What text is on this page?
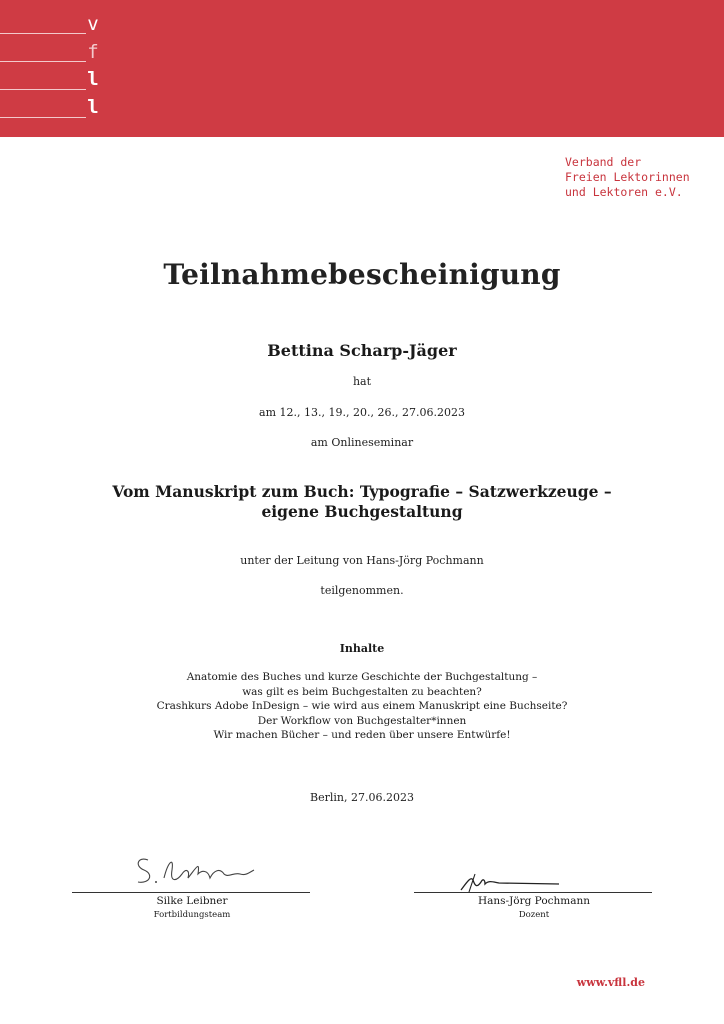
v
f
l
l
Verband der
Freien Lektorinnen
und Lektoren e.V.
Teilnahmebescheinigung
Bettina Scharp-Jäger
hat
am 12., 13., 19., 20., 26., 27.06.2023
am Onlineseminar
Vom Manuskript zum Buch: Typografie – Satzwerkzeuge –
eigene Buchgestaltung
unter der Leitung von Hans-Jörg Pochmann
teilgenommen.
Inhalte
Anatomie des Buches und kurze Geschichte der Buchgestaltung –
was gilt es beim Buchgestalten zu beachten?
Crashkurs Adobe InDesign – wie wird aus einem Manuskript eine Buchseite?
Der Workflow von Buchgestalter*innen
Wir machen Bücher – und reden über unsere Entwürfe!
Berlin, 27.06.2023
Silke Leibner
Fortbildungsteam
Hans-Jörg Pochmann
Dozent
www.vfll.de
